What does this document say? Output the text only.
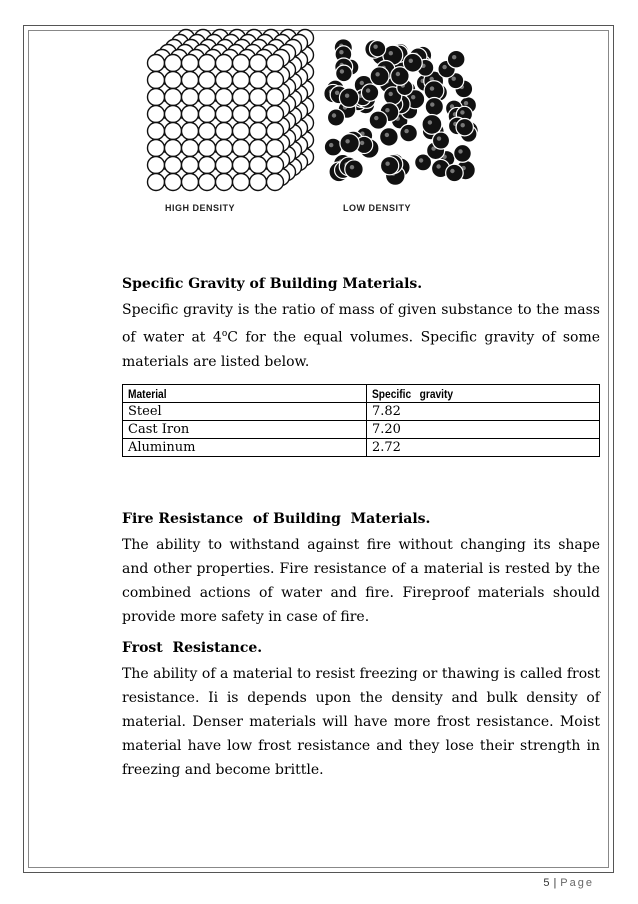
HIGH DENSITY	LOW DENSITY

Specific Gravity of Building Materials.

Specific gravity is the ratio of mass of given substance to the mass of water at 4$^o$C for the equal volumes. Specific gravity of some materials are listed below.

Material	Specific   gravity
Steel	7.82
Cast Iron	7.20
Aluminum	2.72

Fire Resistance  of Building  Materials.

The ability to withstand against fire without changing its shape and other properties. Fire resistance of a material is rested by the combined actions of water and fire. Fireproof materials should provide more safety in case of fire.

Frost  Resistance.

The ability of a material to resist freezing or thawing is called frost resistance. Ii is depends upon the density and bulk density of material. Denser materials will have more frost resistance. Moist material have low frost resistance and they lose their strength in freezing and become brittle.

5 | Page
